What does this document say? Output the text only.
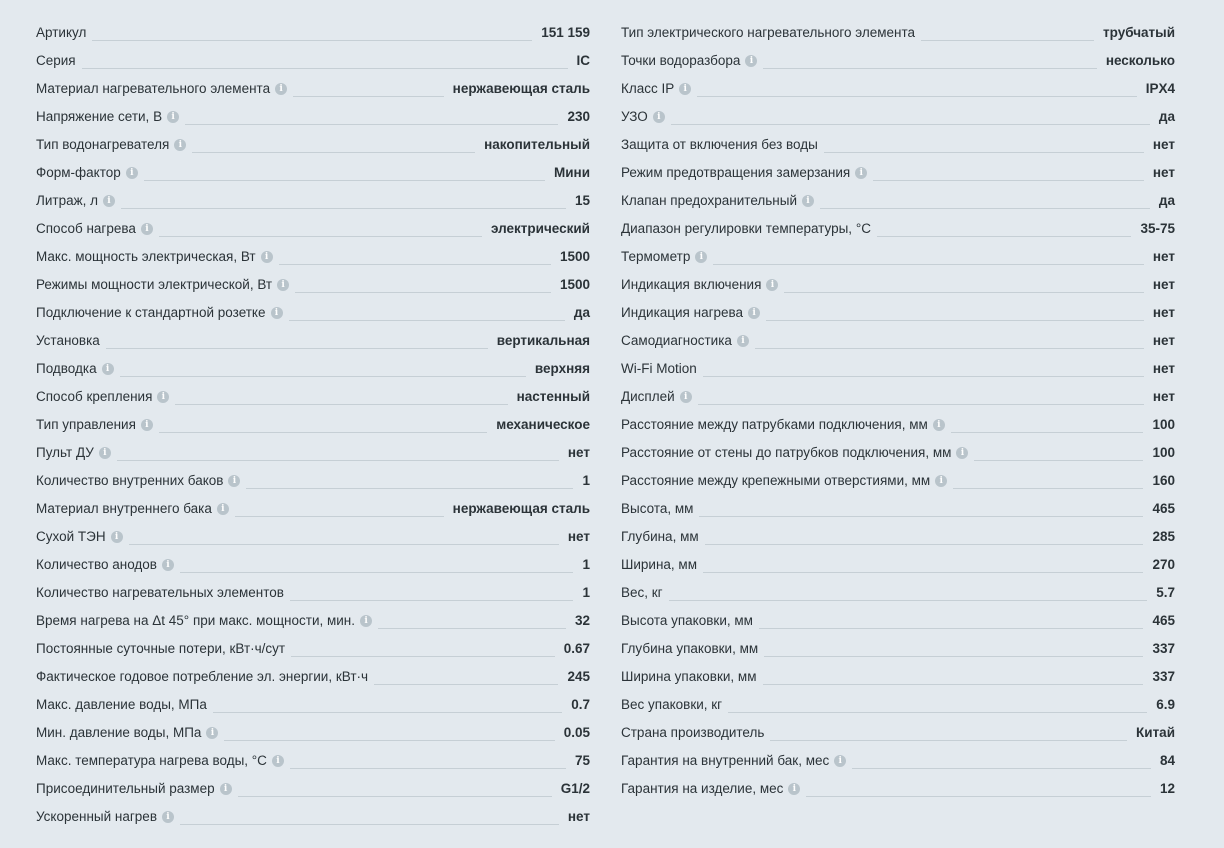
Артикул	151 159
Серия	IC
Материал нагревательного элемента	i	нержавеющая сталь
Напряжение сети, В	i	230
Тип водонагревателя	i	накопительный
Форм-фактор	i	Мини
Литраж, л	i	15
Способ нагрева	i	электрический
Макс. мощность электрическая, Вт	i	1500
Режимы мощности электрической, Вт	i	1500
Подключение к стандартной розетке	i	да
Установка	вертикальная
Подводка	i	верхняя
Способ крепления	i	настенный
Тип управления	i	механическое
Пульт ДУ	i	нет
Количество внутренних баков	i	1
Материал внутреннего бака	i	нержавеющая сталь
Сухой ТЭН	i	нет
Количество анодов	i	1
Количество нагревательных элементов	1
Время нагрева на Δt 45° при макс. мощности, мин.	i	32
Постоянные суточные потери, кВт·ч/сут	0.67
Фактическое годовое потребление эл. энергии, кВт·ч	245
Макс. давление воды, МПа	0.7
Мин. давление воды, МПа	i	0.05
Макс. температура нагрева воды, °C	i	75
Присоединительный размер	i	G1/2
Ускоренный нагрев	i	нет
Тип электрического нагревательного элемента	трубчатый
Точки водоразбора	i	несколько
Класс IP	i	IPX4
УЗО	i	да
Защита от включения без воды	нет
Режим предотвращения замерзания	i	нет
Клапан предохранительный	i	да
Диапазон регулировки температуры, °C	35-75
Термометр	i	нет
Индикация включения	i	нет
Индикация нагрева	i	нет
Самодиагностика	i	нет
Wi-Fi Motion	нет
Дисплей	i	нет
Расстояние между патрубками подключения, мм	i	100
Расстояние от стены до патрубков подключения, мм	i	100
Расстояние между крепежными отверстиями, мм	i	160
Высота, мм	465
Глубина, мм	285
Ширина, мм	270
Вес, кг	5.7
Высота упаковки, мм	465
Глубина упаковки, мм	337
Ширина упаковки, мм	337
Вес упаковки, кг	6.9
Страна производитель	Китай
Гарантия на внутренний бак, мес	i	84
Гарантия на изделие, мес	i	12
